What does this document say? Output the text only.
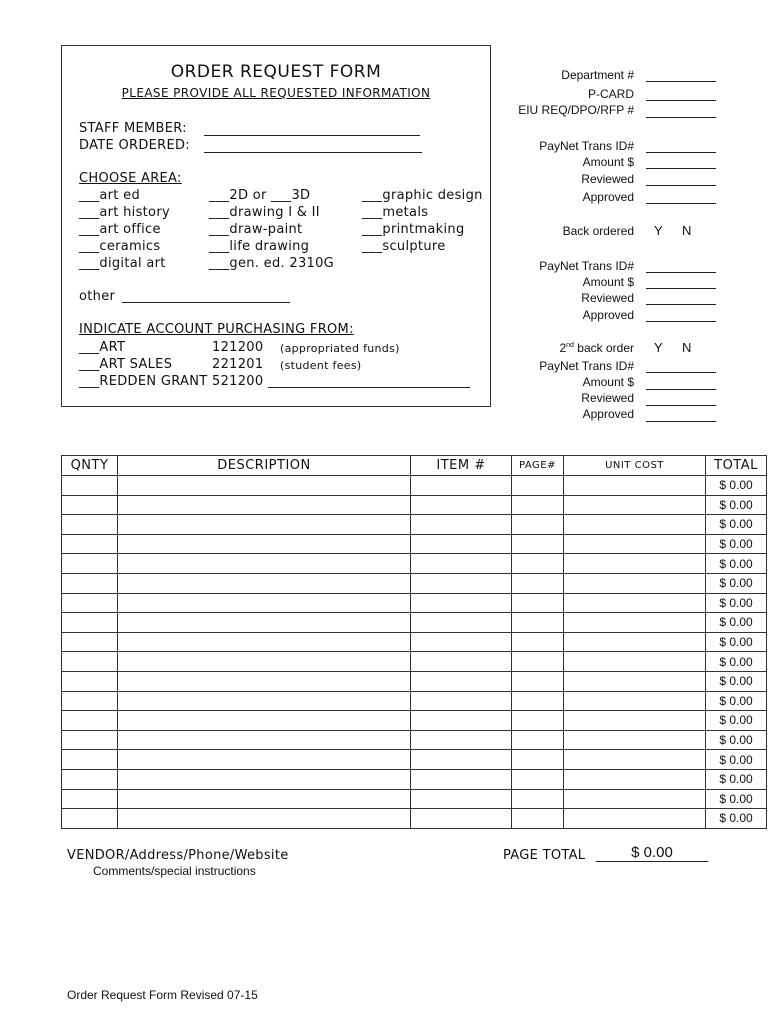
ORDER REQUEST FORM
PLEASE PROVIDE ALL REQUESTED INFORMATION
STAFF MEMBER:
DATE ORDERED:
CHOOSE AREA:
___art ed
___art history
___art office
___ceramics
___digital art
___2D or ___3D
___drawing I & II
___draw-paint
___life drawing
___gen. ed. 2310G
___graphic design
___metals
___printmaking
___sculpture
other
INDICATE ACCOUNT PURCHASING FROM:
___ART	121200 (appropriated funds)
___ART SALES	221201 (student fees)
___REDDEN GRANT 521200
Department #
P-CARD
EIU REQ/DPO/RFP #
PayNet Trans ID#
Amount $
Reviewed
Approved
Back ordered Y N
PayNet Trans ID#
Amount $
Reviewed
Approved
2nd back order Y N
PayNet Trans ID#
Amount $
Reviewed
Approved
QNTY	DESCRIPTION	ITEM #	PAGE#	UNIT COST	TOTAL
					$ 0.00
					$ 0.00
					$ 0.00
					$ 0.00
					$ 0.00
					$ 0.00
					$ 0.00
					$ 0.00
					$ 0.00
					$ 0.00
					$ 0.00
					$ 0.00
					$ 0.00
					$ 0.00
					$ 0.00
					$ 0.00
					$ 0.00
					$ 0.00
VENDOR/Address/Phone/Website
Comments/special instructions
PAGE TOTAL	$ 0.00
Order Request Form Revised 07-15
